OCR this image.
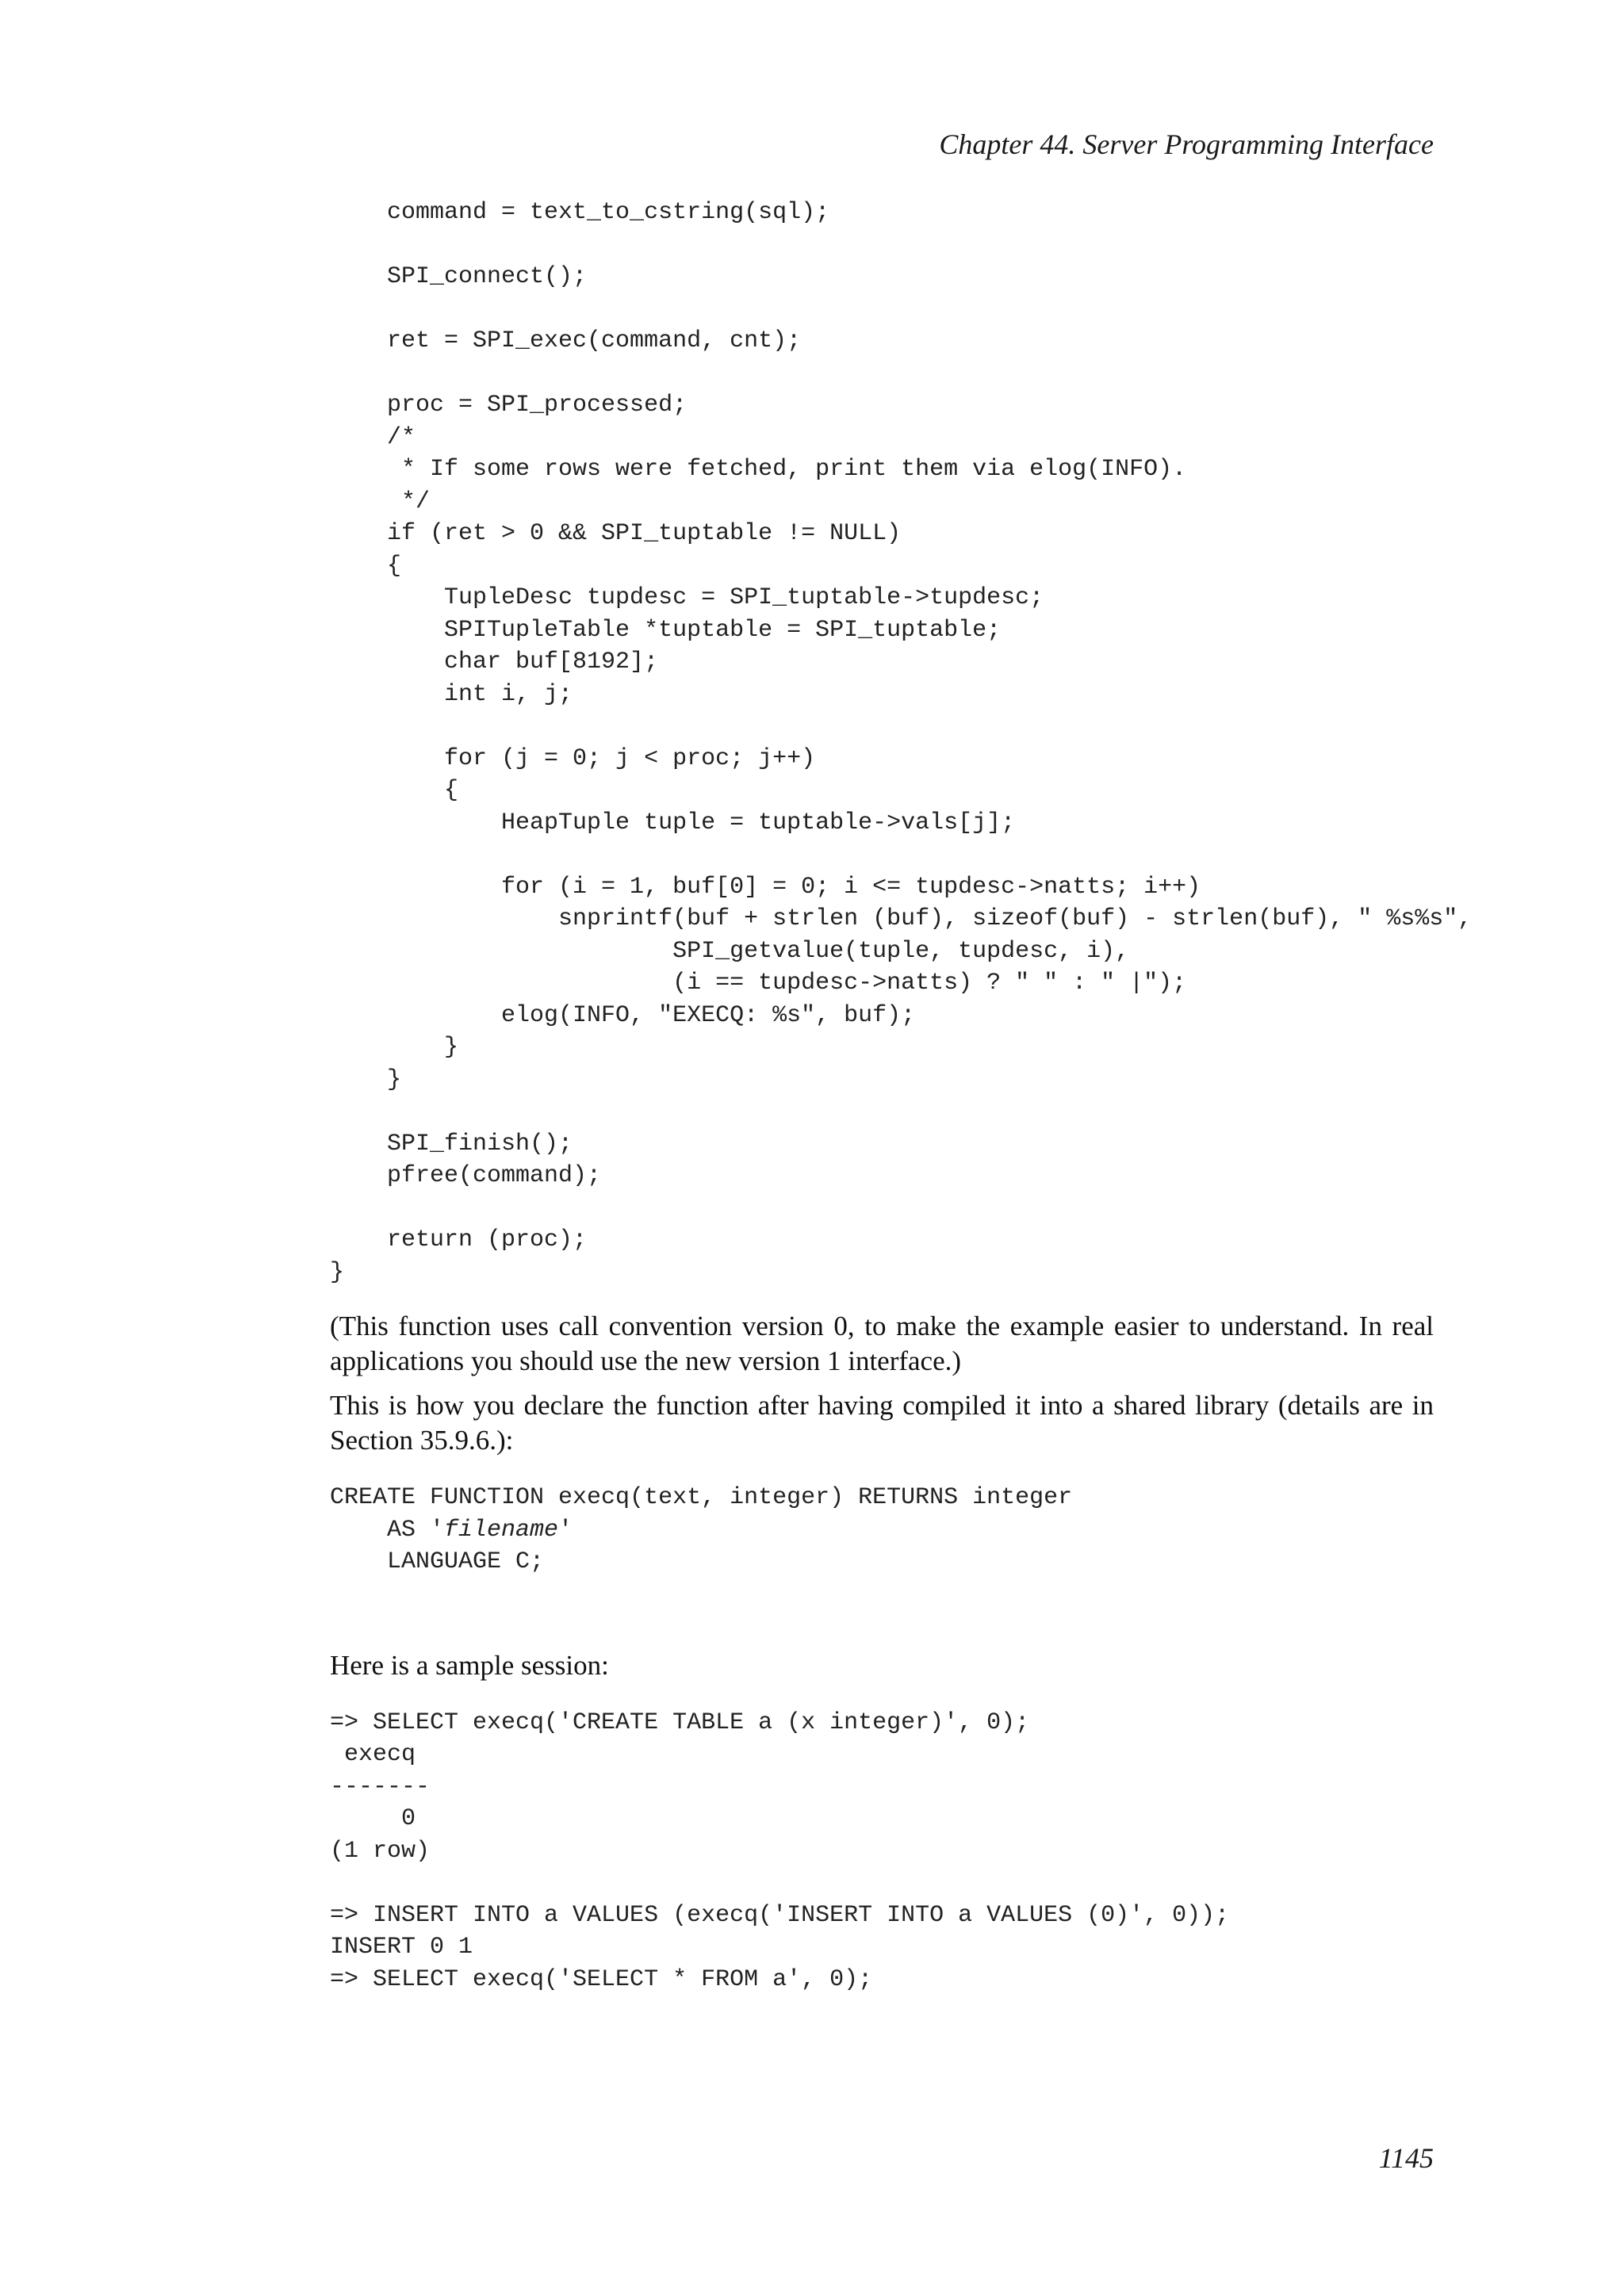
Chapter 44. Server Programming Interface
command = text_to_cstring(sql);

SPI_connect();

ret = SPI_exec(command, cnt);

proc = SPI_processed;
/*
* If some rows were fetched, print them via elog(INFO).
*/
if (ret > 0 && SPI_tuptable != NULL)
{
TupleDesc tupdesc = SPI_tuptable->tupdesc;
SPITupleTable *tuptable = SPI_tuptable;
char buf[8192];
int i, j;

for (j = 0; j < proc; j++)
{
HeapTuple tuple = tuptable->vals[j];

for (i = 1, buf[0] = 0; i <= tupdesc->natts; i++)
snprintf(buf + strlen (buf), sizeof(buf) - strlen(buf), " %s%s",
SPI_getvalue(tuple, tupdesc, i),
(i == tupdesc->natts) ? " " : " |");
elog(INFO, "EXECQ: %s", buf);
}
}

SPI_finish();
pfree(command);

return (proc);
}

(This function uses call convention version 0, to make the example easier to understand. In real applications you should use the new version 1 interface.)

This is how you declare the function after having compiled it into a shared library (details are in Section 35.9.6.):

CREATE FUNCTION execq(text, integer) RETURNS integer
AS 'filename'
LANGUAGE C;

Here is a sample session:

=> SELECT execq('CREATE TABLE a (x integer)', 0);
execq
-------
0
(1 row)

=> INSERT INTO a VALUES (execq('INSERT INTO a VALUES (0)', 0));
INSERT 0 1
=> SELECT execq('SELECT * FROM a', 0);
1145
